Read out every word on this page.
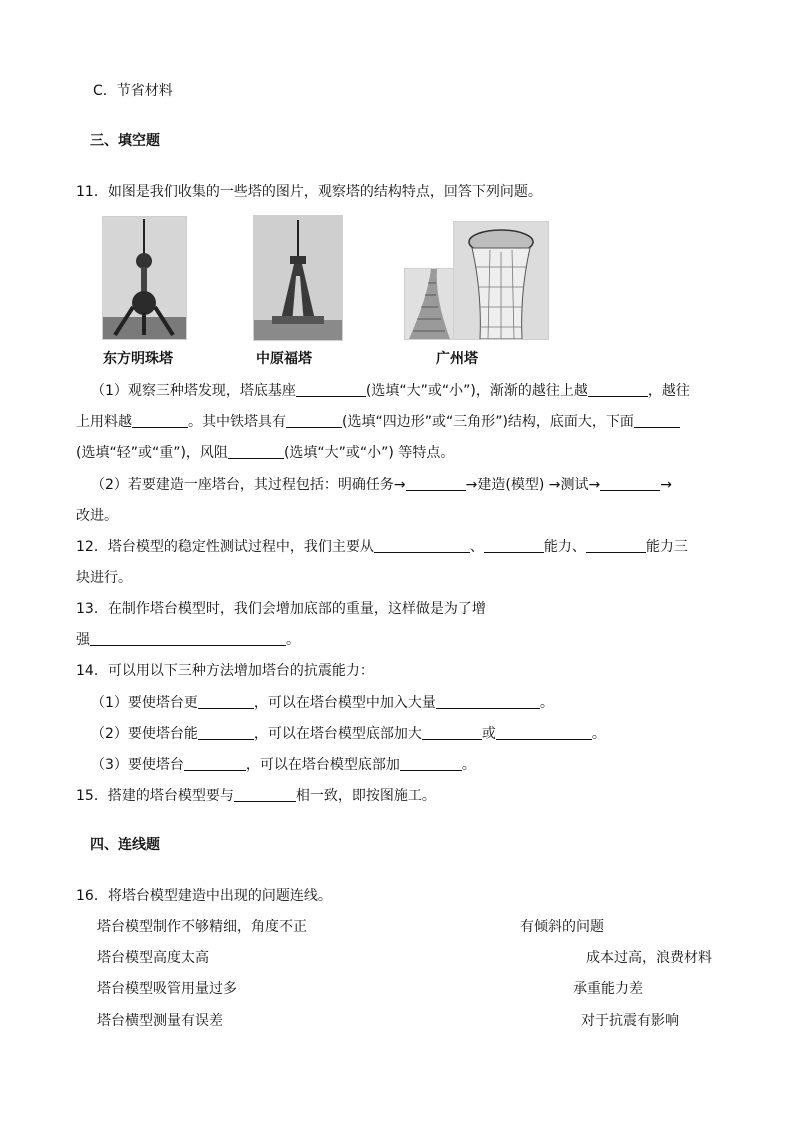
C．节省材料
三、填空题
11．如图是我们收集的一些塔的图片，观察塔的结构特点，回答下列问题。
东方明珠塔	中原福塔	广州塔
（1）观察三种塔发现，塔底基座	(选填“大”或“小”)，渐渐的越往上越	，越往
上用料越	。其中铁塔具有	(选填“四边形”或“三角形”)结构，底面大，下面
(选填“轻”或“重”)，风阻	(选填“大”或“小”) 等特点。
（2）若要建造一座塔台，其过程包括：明确任务→	→建造(模型) →测试→	→
改进。
12．塔台模型的稳定性测试过程中，我们主要从	、	能力、	能力三
块进行。
13．在制作塔台模型时，我们会增加底部的重量，这样做是为了增
强	。
14．可以用以下三种方法增加塔台的抗震能力：
（1）要使塔台更	，可以在塔台模型中加入大量	。
（2）要使塔台能	，可以在塔台模型底部加大	或	。
（3）要使塔台	，可以在塔台模型底部加	。
15．搭建的塔台模型要与	相一致，即按图施工。
四、连线题
16．将塔台模型建造中出现的问题连线。
塔台模型制作不够精细，角度不正
塔台模型高度太高
塔台模型吸管用量过多
塔台横型测量有误差
有倾斜的问题
成本过高，浪费材料
承重能力差
对于抗震有影响
